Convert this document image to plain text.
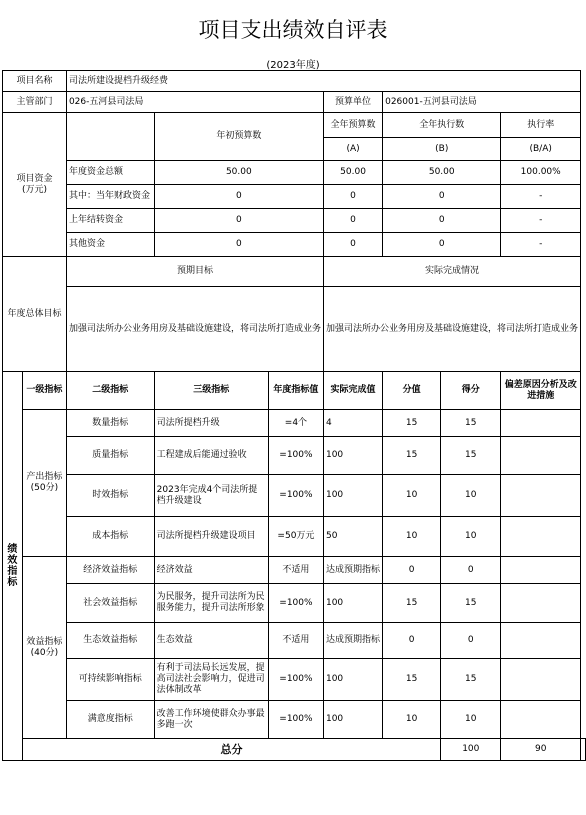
项目支出绩效自评表
(2023年度)
项目名称		司法所建设提档升级经费							
主管部门		026-五河县司法局			预算单位	026001-五河县司法局			
项目资金
(万元)			年初预算数		全年预算数	全年执行数		执行率	
					(A)	(B)		(B/A)	
		年度资金总额	50.00		50.00	50.00		100.00%	
		其中：当年财政资金	0		0	0		-	
		上年结转资金	0		0	0		-	
		其他资金	0		0	0		-	
年度总体目标		预期目标			实际完成情况				
		加强司法所办公业务用房及基础设施建设，将司法所打造成业务			加强司法所办公业务用房及基础设施建设，将司法所打造成业务				
绩效指标	一级指标	二级指标	三级指标	年度指标值	实际完成值	分值	得分	偏差原因分析及改进措施	
	产出指标
(50分)	数量指标	司法所提档升级	=4个	4	15	15		
		质量指标	工程建成后能通过验收	=100%	100	15	15		
		时效指标	2023年完成4个司法所提档升级建设	=100%	100	10	10		
		成本指标	司法所提档升级建设项目	=50万元	50	10	10		
	效益指标
(40分)	经济效益指标	经济效益	不适用	达成预期指标	0	0		
		社会效益指标	为民服务，提升司法所为民服务能力，提升司法所形象	=100%	100	15	15		
		生态效益指标	生态效益	不适用	达成预期指标	0	0		
		可持续影响指标	有利于司法局长远发展，提高司法社会影响力，促进司法体制改革	=100%	100	15	15		
		满意度指标	改善工作环境使群众办事最多跑一次	=100%	100	10	10		
	总分						100	90	
